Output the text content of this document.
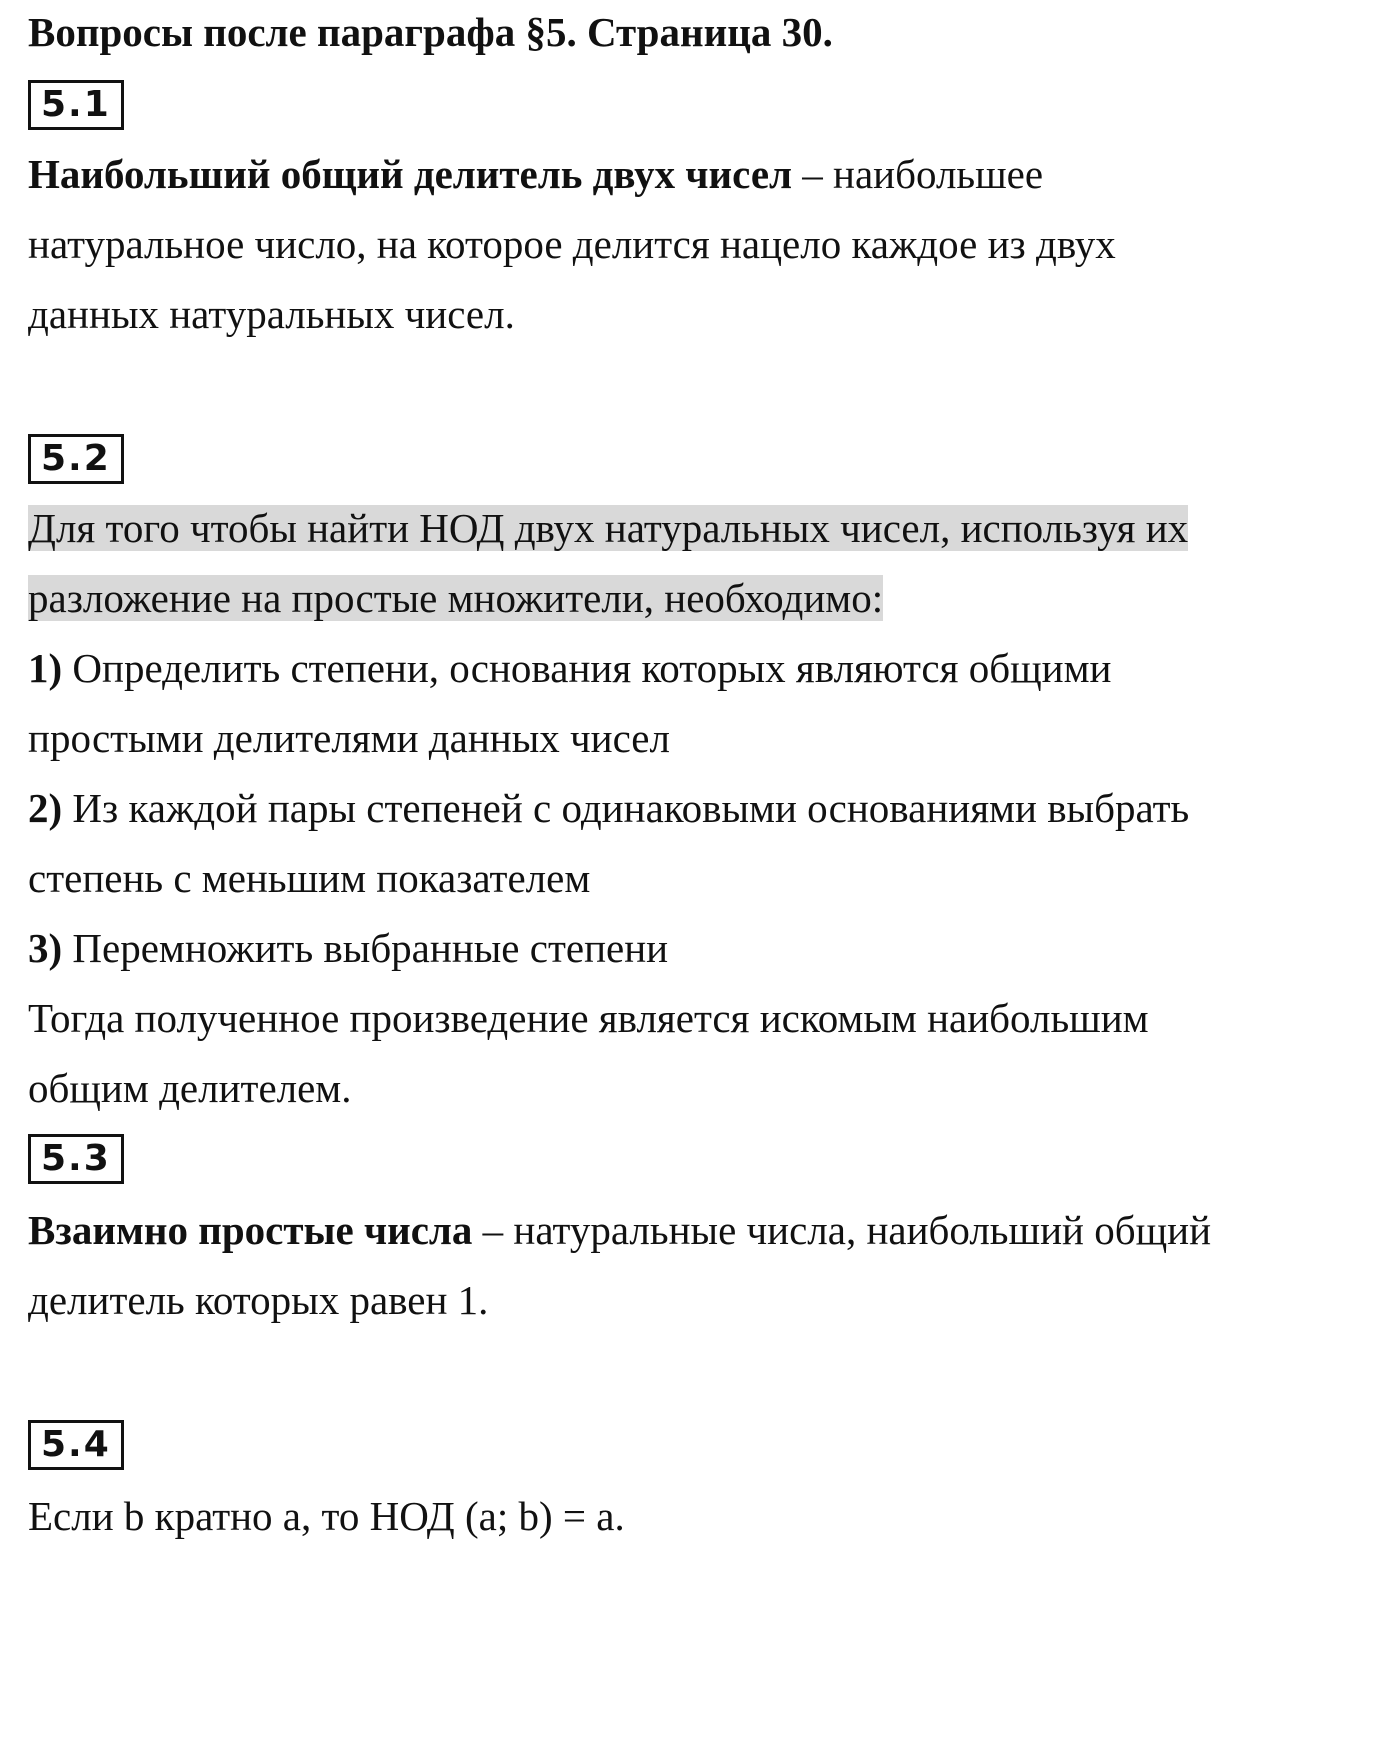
Вопросы после параграфа §5. Страница 30.
5.1
Наибольший общий делитель двух чисел – наибольшее
натуральное число, на которое делится нацело каждое из двух
данных натуральных чисел.
5.2
Для того чтобы найти НОД двух натуральных чисел, используя их
разложение на простые множители, необходимо:
1) Определить степени, основания которых являются общими
простыми делителями данных чисел
2) Из каждой пары степеней с одинаковыми основаниями выбрать
степень с меньшим показателем
3) Перемножить выбранные степени
Тогда полученное произведение является искомым наибольшим
общим делителем.
5.3
Взаимно простые числа – натуральные числа, наибольший общий
делитель которых равен 1.
5.4
Если b кратно a, то НОД (a; b) = a.
